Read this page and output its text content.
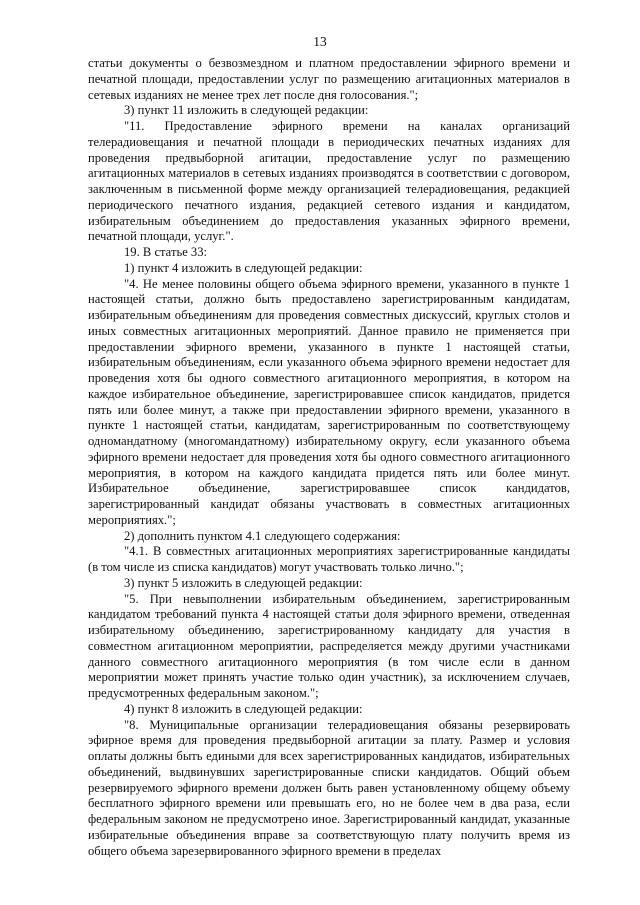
13

статьи документы о безвозмездном и платном предоставлении эфирного времени и печатной площади, предоставлении услуг по размещению агитационных материалов в сетевых изданиях не менее трех лет после дня голосования.";

3) пункт 11 изложить в следующей редакции:

"11. Предоставление эфирного времени на каналах организаций телерадиовещания и печатной площади в периодических печатных изданиях для проведения предвыборной агитации, предоставление услуг по размещению агитационных материалов в сетевых изданиях производятся в соответствии с договором, заключенным в письменной форме между организацией телерадиовещания, редакцией периодического печатного издания, редакцией сетевого издания и кандидатом, избирательным объединением до предоставления указанных эфирного времени, печатной площади, услуг.".

19. В статье 33:

1) пункт 4 изложить в следующей редакции:

"4. Не менее половины общего объема эфирного времени, указанного в пункте 1 настоящей статьи, должно быть предоставлено зарегистрированным кандидатам, избирательным объединениям для проведения совместных дискуссий, круглых столов и иных совместных агитационных мероприятий. Данное правило не применяется при предоставлении эфирного времени, указанного в пункте 1 настоящей статьи, избирательным объединениям, если указанного объема эфирного времени недостает для проведения хотя бы одного совместного агитационного мероприятия, в котором на каждое избирательное объединение, зарегистрировавшее список кандидатов, придется пять или более минут, а также при предоставлении эфирного времени, указанного в пункте 1 настоящей статьи, кандидатам, зарегистрированным по соответствующему одномандатному (многомандатному) избирательному округу, если указанного объема эфирного времени недостает для проведения хотя бы одного совместного агитационного мероприятия, в котором на каждого кандидата придется пять или более минут. Избирательное объединение, зарегистрировавшее список кандидатов, зарегистрированный кандидат обязаны участвовать в совместных агитационных мероприятиях.";

2) дополнить пунктом 4.1 следующего содержания:

"4.1. В совместных агитационных мероприятиях зарегистрированные кандидаты (в том числе из списка кандидатов) могут участвовать только лично.";

3) пункт 5 изложить в следующей редакции:

"5. При невыполнении избирательным объединением, зарегистрированным кандидатом требований пункта 4 настоящей статьи доля эфирного времени, отведенная избирательному объединению, зарегистрированному кандидату для участия в совместном агитационном мероприятии, распределяется между другими участниками данного совместного агитационного мероприятия (в том числе если в данном мероприятии может принять участие только один участник), за исключением случаев, предусмотренных федеральным законом.";

4) пункт 8 изложить в следующей редакции:

"8. Муниципальные организации телерадиовещания обязаны резервировать эфирное время для проведения предвыборной агитации за плату. Размер и условия оплаты должны быть едиными для всех зарегистрированных кандидатов, избирательных объединений, выдвинувших зарегистрированные списки кандидатов. Общий объем резервируемого эфирного времени должен быть равен установленному общему объему бесплатного эфирного времени или превышать его, но не более чем в два раза, если федеральным законом не предусмотрено иное. Зарегистрированный кандидат, указанные избирательные объединения вправе за соответствующую плату получить время из общего объема зарезервированного эфирного времени в пределах
